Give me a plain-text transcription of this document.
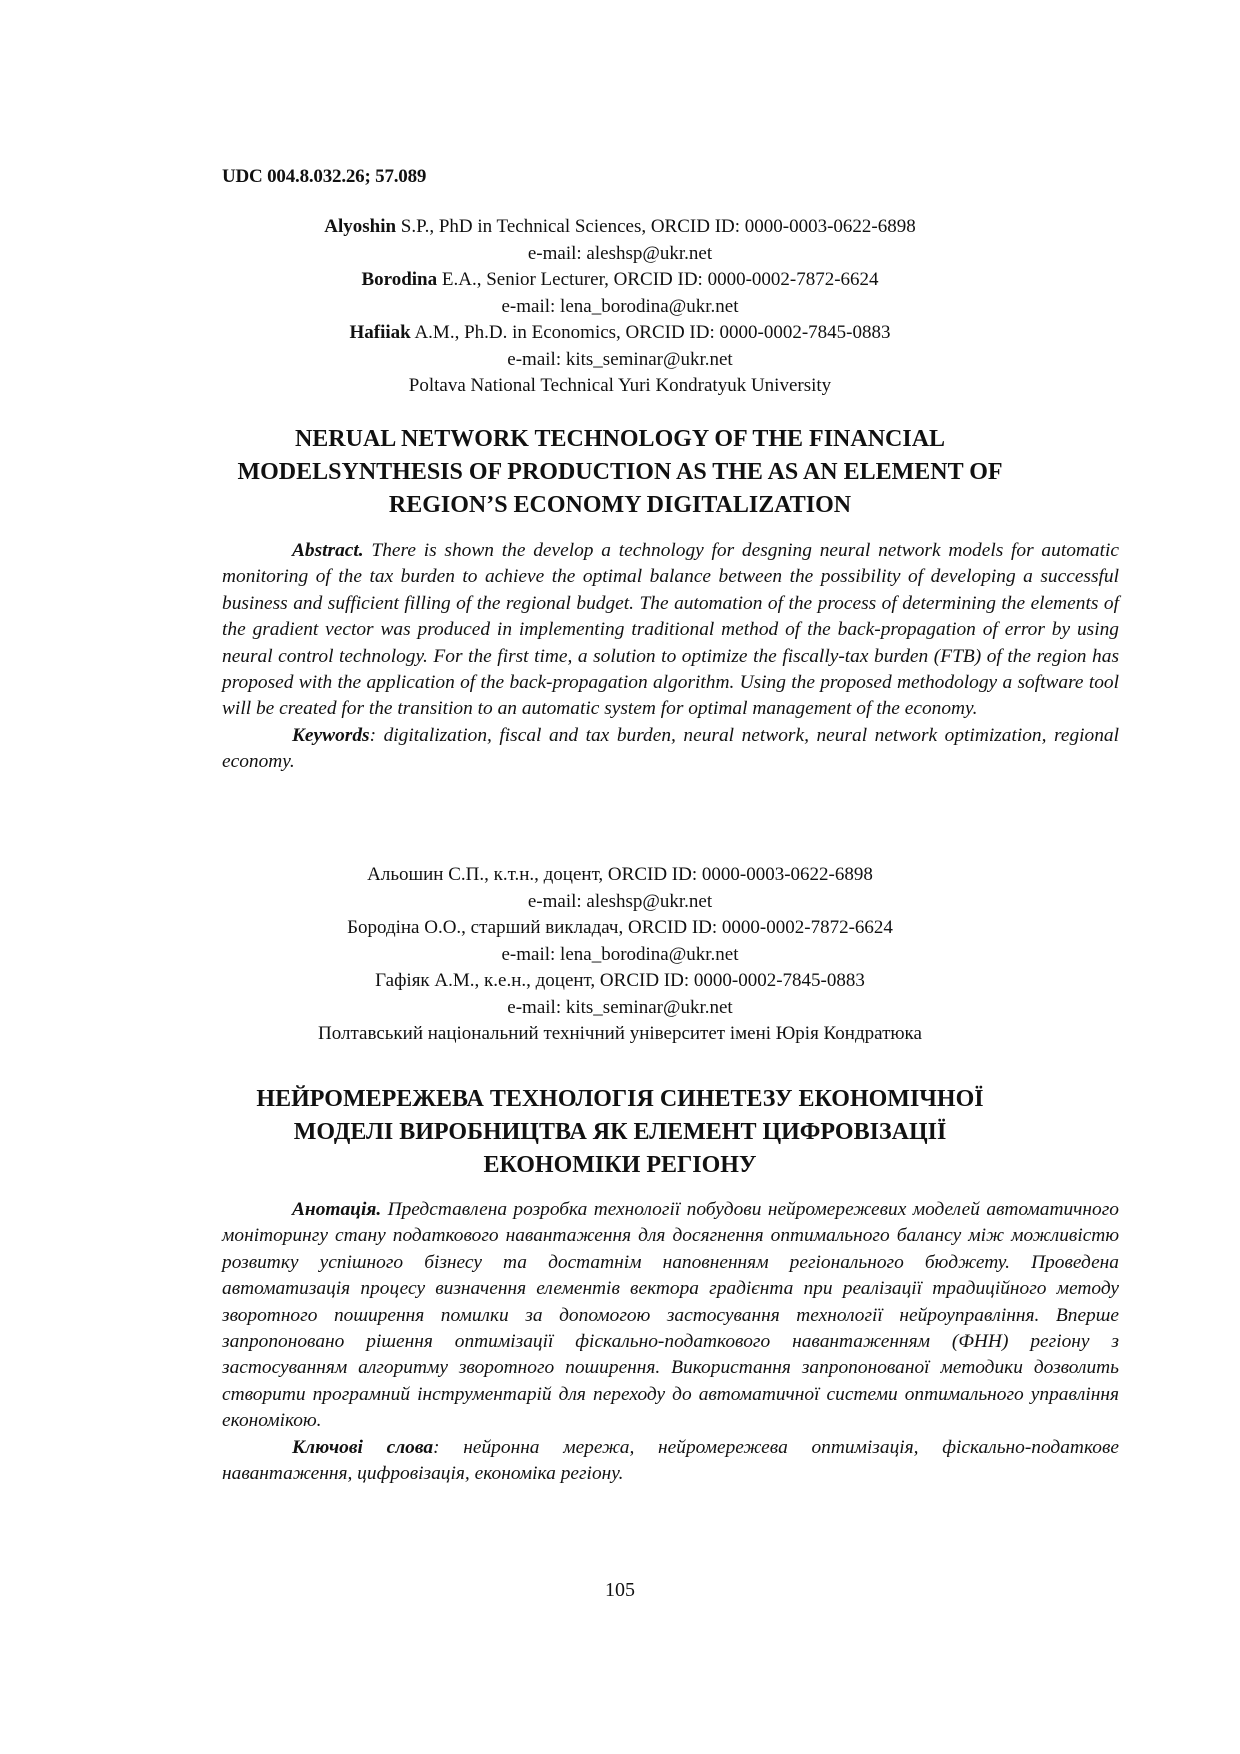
UDC 004.8.032.26; 57.089

Alyoshin S.P., PhD in Technical Sciences, ORCID ID: 0000-0003-0622-6898

e-mail: aleshsp@ukr.net

Borodina E.A., Senior Lecturer, ORCID ID: 0000-0002-7872-6624

e-mail: lena_borodina@ukr.net

Hafiiak A.M., Ph.D. in Economics, ORCID ID: 0000-0002-7845-0883

e-mail: kits_seminar@ukr.net

Poltava National Technical Yuri Kondratyuk University

NERUAL NETWORK TECHNOLOGY OF THE FINANCIAL
MODELSYNTHESIS OF PRODUCTION AS THE AS AN ELEMENT OF
REGION’S ECONOMY DIGITALIZATION

Abstract. There is shown the develop a technology for desgning neural network models for automatic monitoring of the tax burden to achieve the optimal balance between the possibility of developing a successful business and sufficient filling of the regional budget. The automation of the process of determining the elements of the gradient vector was produced in implementing traditional method of the back-propagation of error by using neural control technology. For the first time, a solution to optimize the fiscally-tax burden (FTB) of the region has proposed with the application of the back-propagation algorithm. Using the proposed methodology a software tool will be created for the transition to an automatic system for optimal management of the economy.

Keywords: digitalization, fiscal and tax burden, neural network, neural network optimization, regional economy.

Альошин С.П., к.т.н., доцент, ORCID ID: 0000-0003-0622-6898

e-mail: aleshsp@ukr.net

Бородіна О.О., старший викладач, ORCID ID: 0000-0002-7872-6624

e-mail: lena_borodina@ukr.net

Гафіяк А.М., к.е.н., доцент, ORCID ID: 0000-0002-7845-0883

e-mail: kits_seminar@ukr.net

Полтавський національний технічний університет імені Юрія Кондратюка

НЕЙРОМЕРЕЖЕВА ТЕХНОЛОГІЯ СИНЕТЕЗУ ЕКОНОМІЧНОЇ
МОДЕЛІ ВИРОБНИЦТВА ЯК ЕЛЕМЕНТ ЦИФРОВІЗАЦІЇ
ЕКОНОМІКИ РЕГІОНУ

Анотація. Представлена розробка технології побудови нейромережевих моделей автоматичного моніторингу стану податкового навантаження для досягнення оптимального балансу між можливістю розвитку успішного бізнесу та достатнім наповненням регіонального бюджету. Проведена автоматизація процесу визначення елементів вектора градієнта при реалізації традиційного методу зворотного поширення помилки за допомогою застосування технології нейроуправління. Вперше запропоновано рішення оптимізації фіскально-податкового навантаженням (ФНН) регіону з застосуванням алгоритму зворотного поширення. Використання запропонованої методики дозволить створити програмний інструментарій для переходу до автоматичної системи оптимального управління економікою.

Ключові слова: нейронна мережа, нейромережева оптимізація, фіскально-податкове навантаження, цифровізація, економіка регіону.

105
